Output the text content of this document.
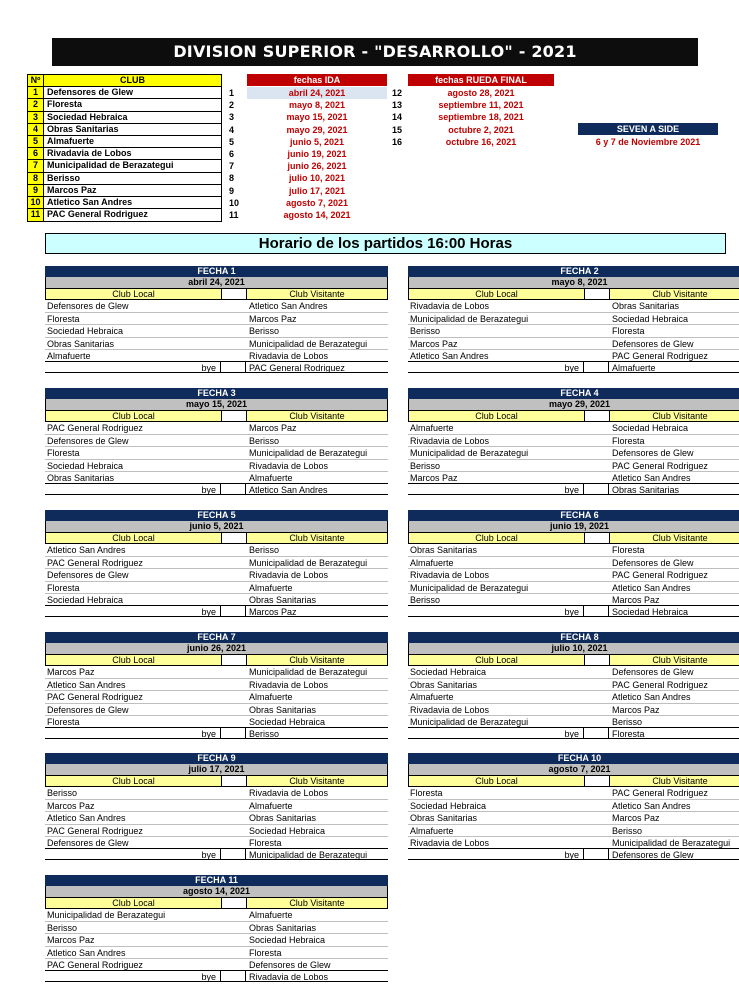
DIVISION SUPERIOR - "DESARROLLO" - 2021
Nº	CLUB
1	Defensores de Glew
2	Floresta
3	Sociedad Hebraica
4	Obras Sanitarias
5	Almafuerte
6	Rivadavia de Lobos
7	Municipalidad de Berazategui
8	Berisso
9	Marcos Paz
10 Atletico San Andres
11 PAC General Rodriguez
fechas IDA
1	abril 24, 2021
2	mayo 8, 2021
3	mayo 15, 2021
4	mayo 29, 2021
5	junio 5, 2021
6	junio 19, 2021
7	junio 26, 2021
8	julio 10, 2021
9	julio 17, 2021
10	agosto 7, 2021
11	agosto 14, 2021
fechas RUEDA FINAL
12	agosto 28, 2021
13	septiembre 11, 2021
14	septiembre 18, 2021
15	octubre 2, 2021
16	octubre 16, 2021
SEVEN A SIDE
6 y 7 de Noviembre 2021
Horario de los partidos 16:00 Horas
FECHA 1
abril 24, 2021
Club Local	Club Visitante
Defensores de Glew	Atletico San Andres
Floresta	Marcos Paz
Sociedad Hebraica	Berisso
Obras Sanitarias	Municipalidad de Berazategui
Almafuerte	Rivadavia de Lobos
bye	PAC General Rodriguez
FECHA 2
mayo 8, 2021
Club Local	Club Visitante
Rivadavia de Lobos	Obras Sanitarias
Municipalidad de Berazategui	Sociedad Hebraica
Berisso	Floresta
Marcos Paz	Defensores de Glew
Atletico San Andres	PAC General Rodriguez
bye	Almafuerte
FECHA 3
mayo 15, 2021
Club Local	Club Visitante
PAC General Rodriguez	Marcos Paz
Defensores de Glew	Berisso
Floresta	Municipalidad de Berazategui
Sociedad Hebraica	Rivadavia de Lobos
Obras Sanitarias	Almafuerte
bye	Atletico San Andres
FECHA 4
mayo 29, 2021
Club Local	Club Visitante
Almafuerte	Sociedad Hebraica
Rivadavia de Lobos	Floresta
Municipalidad de Berazategui	Defensores de Glew
Berisso	PAC General Rodriguez
Marcos Paz	Atletico San Andres
bye	Obras Sanitarias
FECHA 5
junio 5, 2021
Club Local	Club Visitante
Atletico San Andres	Berisso
PAC General Rodriguez	Municipalidad de Berazategui
Defensores de Glew	Rivadavia de Lobos
Floresta	Almafuerte
Sociedad Hebraica	Obras Sanitarias
bye	Marcos Paz
FECHA 6
junio 19, 2021
Club Local	Club Visitante
Obras Sanitarias	Floresta
Almafuerte	Defensores de Glew
Rivadavia de Lobos	PAC General Rodriguez
Municipalidad de Berazategui	Atletico San Andres
Berisso	Marcos Paz
bye	Sociedad Hebraica
FECHA 7
junio 26, 2021
Club Local	Club Visitante
Marcos Paz	Municipalidad de Berazategui
Atletico San Andres	Rivadavia de Lobos
PAC General Rodriguez	Almafuerte
Defensores de Glew	Obras Sanitarias
Floresta	Sociedad Hebraica
bye	Berisso
FECHA 8
julio 10, 2021
Club Local	Club Visitante
Sociedad Hebraica	Defensores de Glew
Obras Sanitarias	PAC General Rodriguez
Almafuerte	Atletico San Andres
Rivadavia de Lobos	Marcos Paz
Municipalidad de Berazategui	Berisso
bye	Floresta
FECHA 9
julio 17, 2021
Club Local	Club Visitante
Berisso	Rivadavia de Lobos
Marcos Paz	Almafuerte
Atletico San Andres	Obras Sanitarias
PAC General Rodriguez	Sociedad Hebraica
Defensores de Glew	Floresta
bye	Municipalidad de Berazategui
FECHA 10
agosto 7, 2021
Club Local	Club Visitante
Floresta	PAC General Rodriguez
Sociedad Hebraica	Atletico San Andres
Obras Sanitarias	Marcos Paz
Almafuerte	Berisso
Rivadavia de Lobos	Municipalidad de Berazategui
bye	Defensores de Glew
FECHA 11
agosto 14, 2021
Club Local	Club Visitante
Municipalidad de Berazategui	Almafuerte
Berisso	Obras Sanitarias
Marcos Paz	Sociedad Hebraica
Atletico San Andres	Floresta
PAC General Rodriguez	Defensores de Glew
bye	Rivadavia de Lobos
